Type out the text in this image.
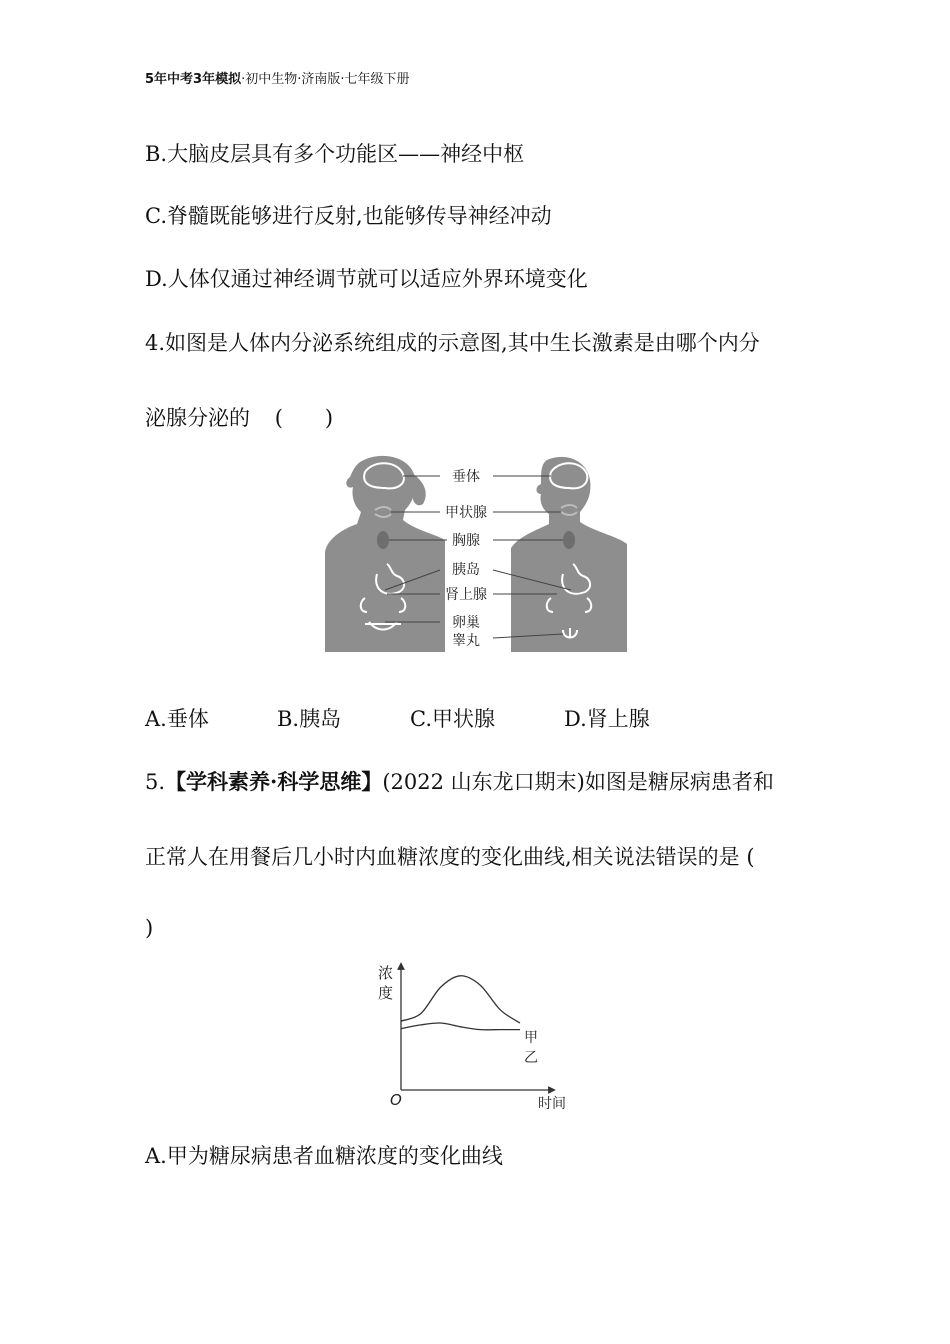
5年中考3年模拟·初中生物·济南版·七年级下册
B.大脑皮层具有多个功能区——神经中枢
C.脊髓既能够进行反射,也能够传导神经冲动
D.人体仅通过神经调节就可以适应外界环境变化
4.如图是人体内分泌系统组成的示意图,其中生长激素是由哪个内分
泌腺分泌的 (　　)
垂体
甲状腺
胸腺
胰岛
肾上腺
卵巢
睾丸
A.垂体	B.胰岛	C.甲状腺	D.肾上腺
5.【学科素养·科学思维】(2022 山东龙口期末)如图是糖尿病患者和
正常人在用餐后几小时内血糖浓度的变化曲线,相关说法错误的是 (
)
浓
度
O	时间
甲
乙
A.甲为糖尿病患者血糖浓度的变化曲线
